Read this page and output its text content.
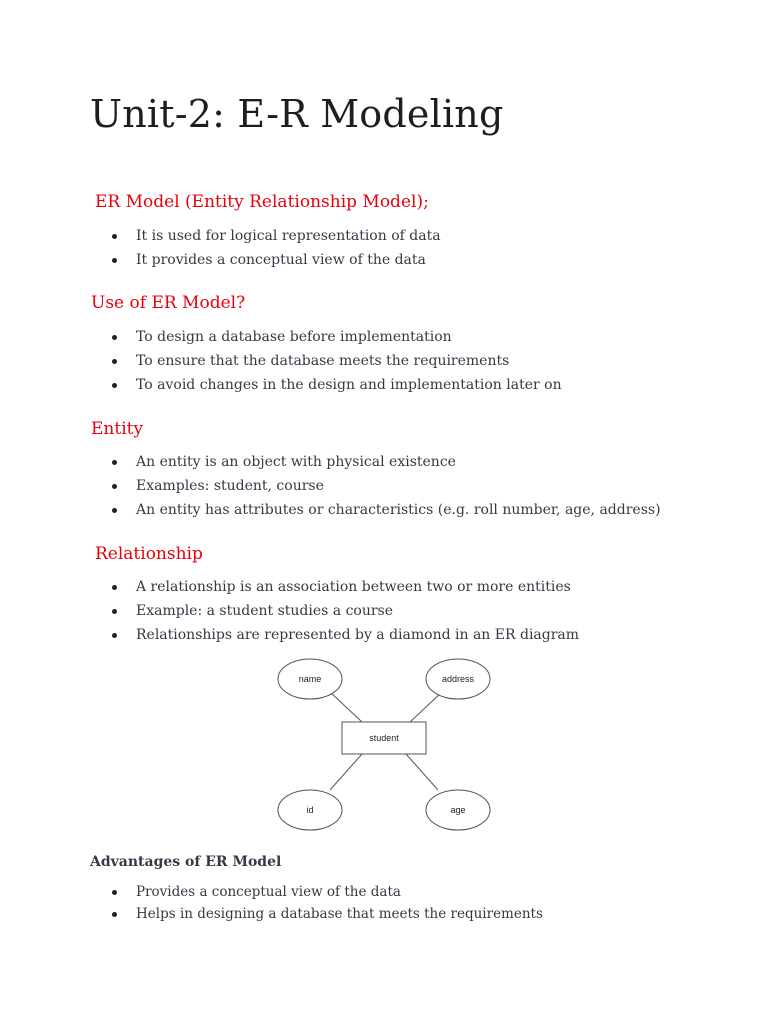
Unit-2: E-R Modeling
ER Model (Entity Relationship Model);
It is used for logical representation of data
It provides a conceptual view of the data
Use of ER Model?
To design a database before implementation
To ensure that the database meets the requirements
To avoid changes in the design and implementation later on
Entity
An entity is an object with physical existence
Examples: student, course
An entity has attributes or characteristics (e.g. roll number, age, address)
Relationship
A relationship is an association between two or more entities
Example: a student studies a course
Relationships are represented by a diamond in an ER diagram
name	address
student
id	age
Advantages of ER Model
Provides a conceptual view of the data
Helps in designing a database that meets the requirements
